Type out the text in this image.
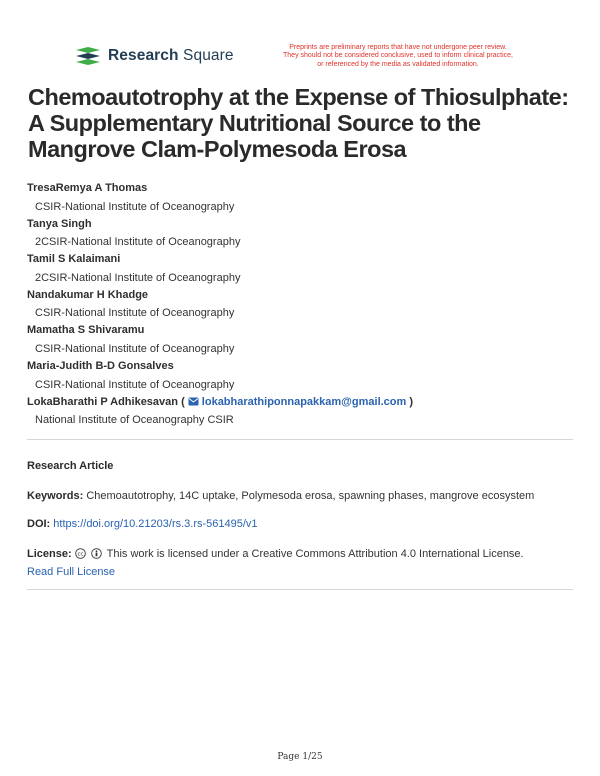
Research Square	Preprints are preliminary reports that have not undergone peer review.
They should not be considered conclusive, used to inform clinical practice,
or referenced by the media as validated information.
Chemoautotrophy at the Expense of Thiosulphate: A Supplementary Nutritional Source to the Mangrove Clam-Polymesoda Erosa
TresaRemya A Thomas
CSIR-National Institute of Oceanography
Tanya Singh
2CSIR-National Institute of Oceanography
Tamil S Kalaimani
2CSIR-National Institute of Oceanography
Nandakumar H Khadge
CSIR-National Institute of Oceanography
Mamatha S Shivaramu
CSIR-National Institute of Oceanography
Maria-Judith B-D Gonsalves
CSIR-National Institute of Oceanography
LokaBharathi P Adhikesavan ( lokabharathiponnapakkam@gmail.com )
National Institute of Oceanography CSIR
Research Article
Keywords: Chemoautotrophy, 14C uptake, Polymesoda erosa, spawning phases, mangrove ecosystem
DOI: https://doi.org/10.21203/rs.3.rs-561495/v1
License: cc This work is licensed under a Creative Commons Attribution 4.0 International License.
Read Full License
Page 1/25
